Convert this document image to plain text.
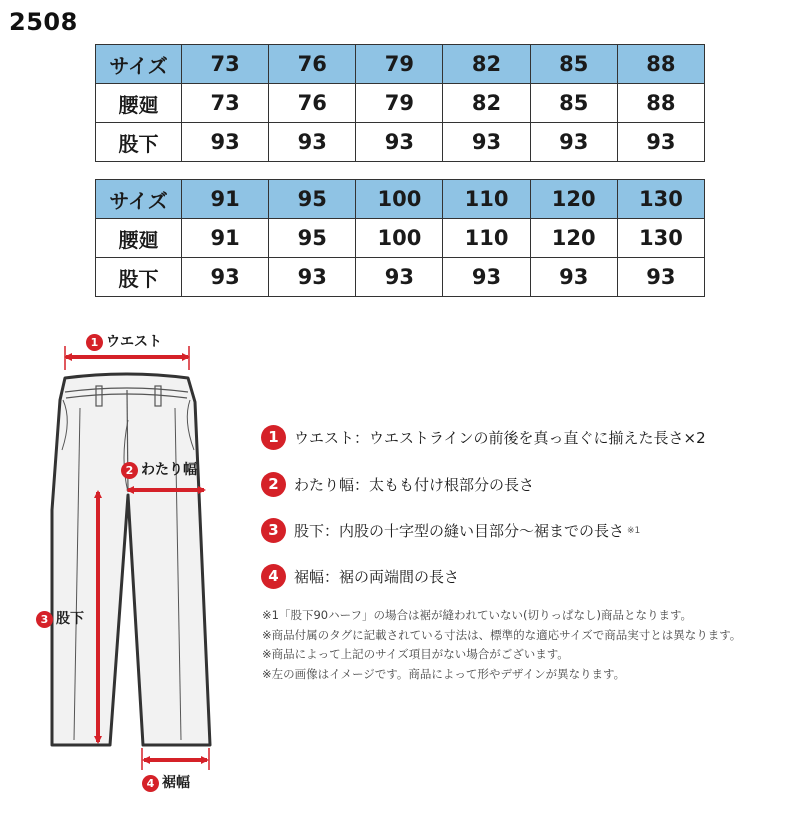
2508
サイズ	73	76	79	82	85	88
腰廻	73	76	79	82	85	88
股下	93	93	93	93	93	93
サイズ	91	95	100	110	120	130
腰廻	91	95	100	110	120	130
股下	93	93	93	93	93	93
1 ウエスト
2 わたり幅
3 股下
4 裾幅
1 ウエスト：ウエストラインの前後を真っ直ぐに揃えた長さ×2
2 わたり幅：太もも付け根部分の長さ
3 股下：内股の十字型の縫い目部分～裾までの長さ ※1
4 裾幅：裾の両端間の長さ

※1「股下90ハーフ」の場合は裾が縫われていない(切りっぱなし)商品となります。

※商品付属のタグに記載されている寸法は、標準的な適応サイズで商品実寸とは異なります。

※商品によって上記のサイズ項目がない場合がございます。

※左の画像はイメージです。商品によって形やデザインが異なります。
